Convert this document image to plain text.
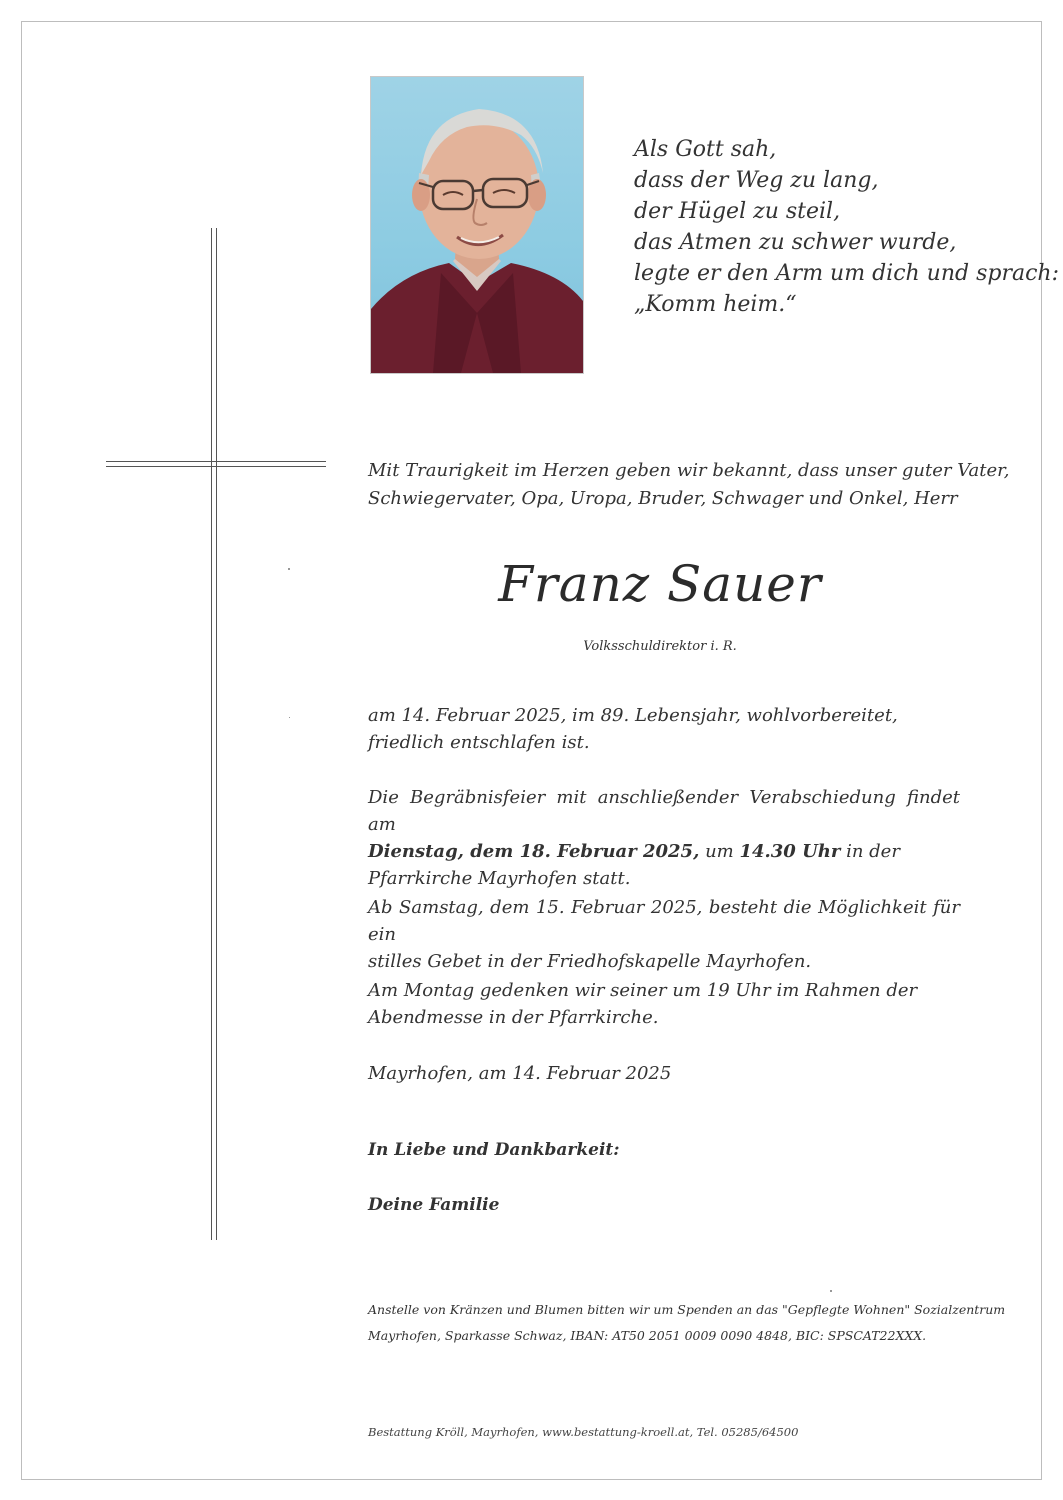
Als Gott sah,
dass der Weg zu lang,
der Hügel zu steil,
das Atmen zu schwer wurde,
legte er den Arm um dich und sprach:
„Komm heim.“
Mit Traurigkeit im Herzen geben wir bekannt, dass unser guter Vater,
Schwiegervater, Opa, Uropa, Bruder, Schwager und Onkel, Herr
Franz Sauer
Volksschuldirektor i. R.
am 14. Februar 2025, im 89. Lebensjahr, wohlvorbereitet,
friedlich entschlafen ist.
Die Begräbnisfeier mit anschließender Verabschiedung findet am
Dienstag, dem 18. Februar 2025, um 14.30 Uhr in der
Pfarrkirche Mayrhofen statt.
Ab Samstag, dem 15. Februar 2025, besteht die Möglichkeit für ein
stilles Gebet in der Friedhofskapelle Mayrhofen.
Am Montag gedenken wir seiner um 19 Uhr im Rahmen der
Abendmesse in der Pfarrkirche.
Mayrhofen, am 14. Februar 2025
In Liebe und Dankbarkeit:
Deine Familie
Anstelle von Kränzen und Blumen bitten wir um Spenden an das "Gepflegte Wohnen" Sozialzentrum
Mayrhofen, Sparkasse Schwaz, IBAN: AT50 2051 0009 0090 4848, BIC: SPSCAT22XXX.
Bestattung Kröll, Mayrhofen, www.bestattung-kroell.at, Tel. 05285/64500
